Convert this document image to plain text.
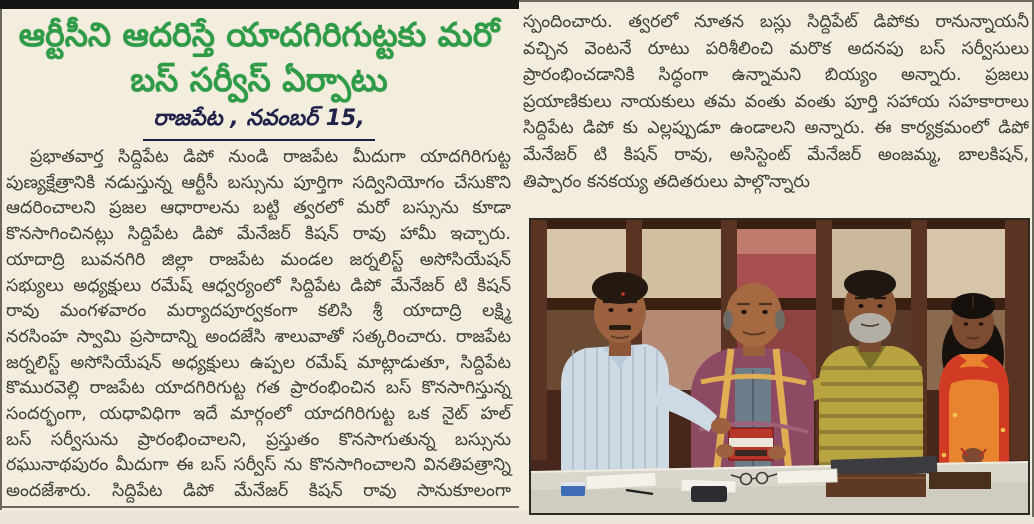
ఆర్టీసీని ఆదరిస్తే యాదగిరిగుట్టకు మరో
బస్ సర్వీస్ ఏర్పాటు
రాజపేట , నవంబర్ 15,
ప్రభాతవార్త సిద్దిపేట డిపో నుండి రాజపేట మీదుగా యాదగిరిగుట్ట
పుణ్యక్షేత్రానికి నడుస్తున్న ఆర్టీసీ బస్సును పూర్తిగా సద్వినియోగం చేసుకొని
ఆదరించాలని ప్రజల ఆధారాలను బట్టి త్వరలో మరో బస్సును కూడా
కొనసాగించినట్లు సిద్దిపేట డిపో మేనేజర్ కిషన్ రావు హామీ ఇచ్చారు.
యాదాద్రి బువనగిరి జిల్లా రాజపేట మండల జర్నలిస్ట్ అసోసియేషన్
సభ్యులు అధ్యక్షులు రమేష్ ఆధ్వర్యంలో సిద్దిపేట డిపో మేనేజర్ టి కిషన్
రావు మంగళవారం మర్యాదపూర్వకంగా కలిసి శ్రీ యాదాద్రి లక్ష్మి
నరసింహ స్వామి ప్రసాదాన్ని అందజేసి శాలువాతో సత్కరించారు. రాజపేట
జర్నలిస్ట్ అసోసియేషన్ అధ్యక్షులు ఉప్పల రమేష్ మాట్లాడుతూ, సిద్దిపేట
కొమురవెల్లి రాజపేట యాదగిరిగుట్ట గత ప్రారంభించిన బస్ కొనసాగిస్తున్న
సందర్భంగా, యధావిధిగా ఇదే మార్గంలో యాదగిరిగుట్ట ఒక నైట్ హల్
బస్ సర్వీసును ప్రారంభించాలని, ప్రస్తుతం కొనసాగుతున్న బస్సును
రఘునాథపురం మీదుగా ఈ బస్ సర్వీస్ ను కొనసాగించాలని వినతిపత్రాన్ని
అందజేశారు. సిద్దిపేట డిపో మేనేజర్ కిషన్ రావు సానుకూలంగా
స్పందించారు. త్వరలో నూతన బస్లు సిద్దిపేట్ డిపోకు రానున్నాయనీ
వచ్చిన వెంటనే రూటు పరిశీలించి మరొక అదనపు బస్ సర్వీసులు
ప్రారంభించడానికి సిద్ధంగా ఉన్నామని బియ్యం అన్నారు. ప్రజలు
ప్రయాణికులు నాయకులు తమ వంతు వంతు పూర్తి సహాయ సహకారాలు
సిద్దిపేట డిపో కు ఎల్లప్పుడూ ఉండాలని అన్నారు. ఈ కార్యక్రమంలో డిపో
మేనేజర్ టి కిషన్ రావు, అసిస్టెంట్ మేనేజర్ అంజమ్మ, బాలకిషన్,
తిప్పారం కనకయ్య తదితరులు పాల్గొన్నారు
